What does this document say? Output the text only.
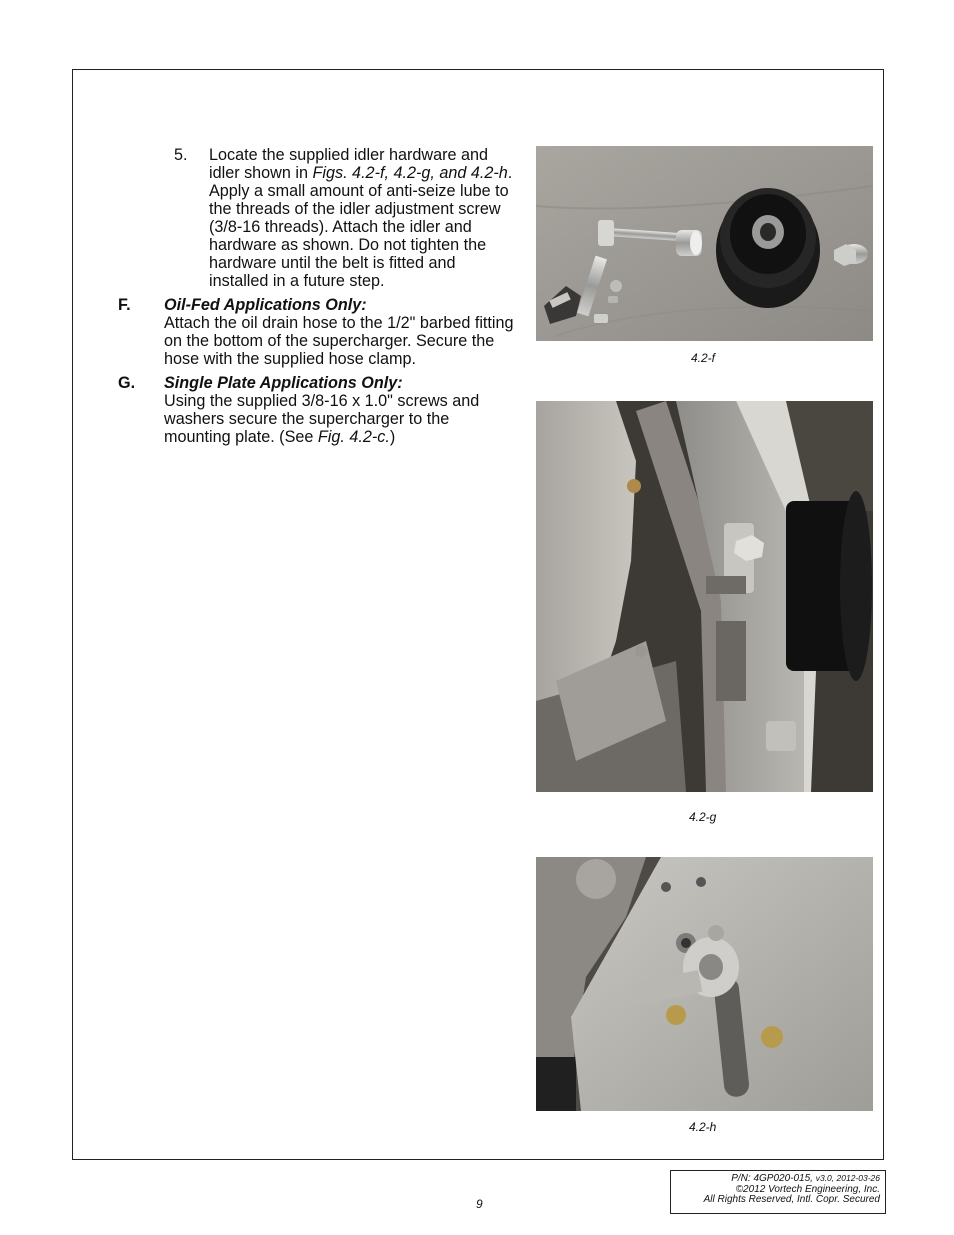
5. Locate the supplied idler hardware and idler shown in Figs. 4.2-f, 4.2-g, and 4.2-h. Apply a small amount of anti-seize lube to the threads of the idler adjustment screw (3/8-16 threads). Attach the idler and hardware as shown. Do not tighten the hardware until the belt is fitted and installed in a future step.
F. Oil-Fed Applications Only:
Attach the oil drain hose to the 1/2" barbed fitting on the bottom of the supercharger. Secure the hose with the supplied hose clamp.
G. Single Plate Applications Only:
Using the supplied 3/8-16 x 1.0" screws and washers secure the supercharger to the mounting plate. (See Fig. 4.2-c.)
4.2-f
4.2-g
4.2-h
9
P/N: 4GP020-015, v3.0, 2012-03-26
©2012 Vortech Engineering, Inc.
All Rights Reserved, Intl. Copr. Secured
